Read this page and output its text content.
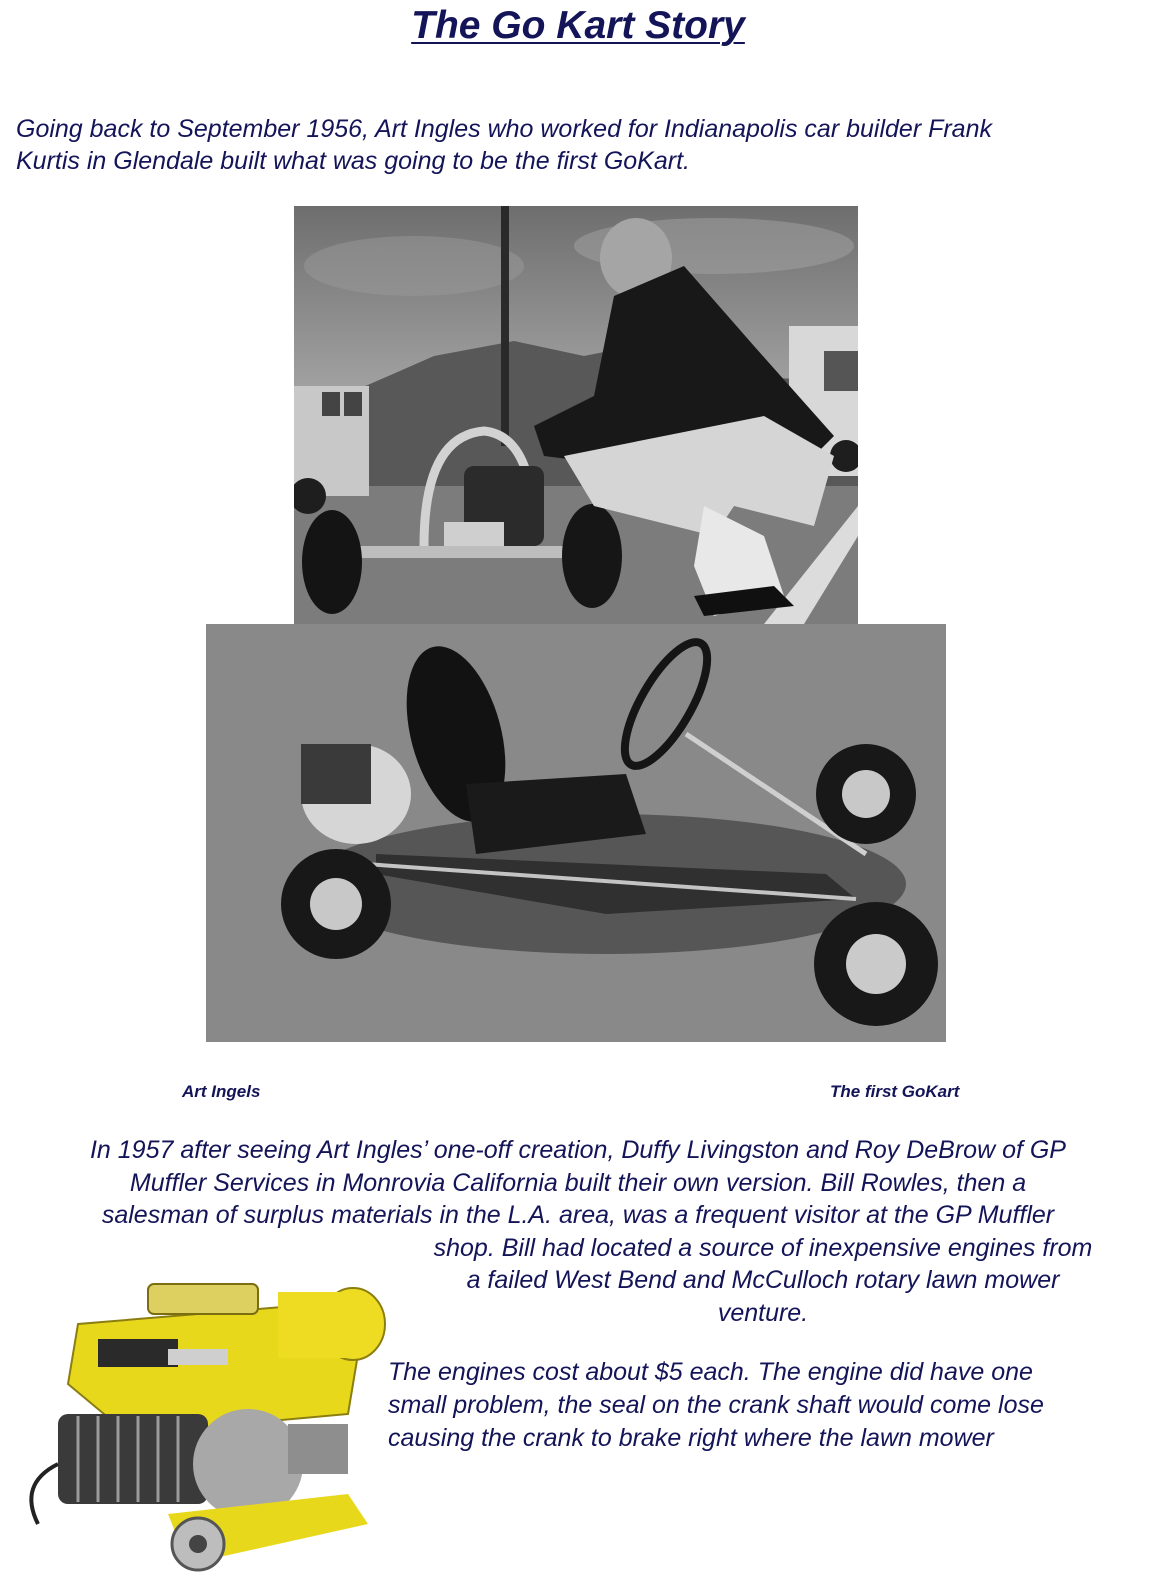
The Go Kart Story
Going back to September 1956, Art Ingles who worked for Indianapolis car builder Frank
Kurtis in Glendale built what was going to be the first GoKart.
Art Ingels	The first GoKart
In 1957 after seeing Art Ingles’ one-off creation, Duffy Livingston and Roy DeBrow of GP
Muffler Services in Monrovia California built their own version. Bill Rowles, then a
salesman of surplus materials in the L.A. area, was a frequent visitor at the GP Muffler
shop. Bill had located a source of inexpensive engines from
a failed West Bend and McCulloch rotary lawn mower
venture.
The engines cost about $5 each. The engine did have one
small problem, the seal on the crank shaft would come lose
causing the crank to brake right where the lawn mower
